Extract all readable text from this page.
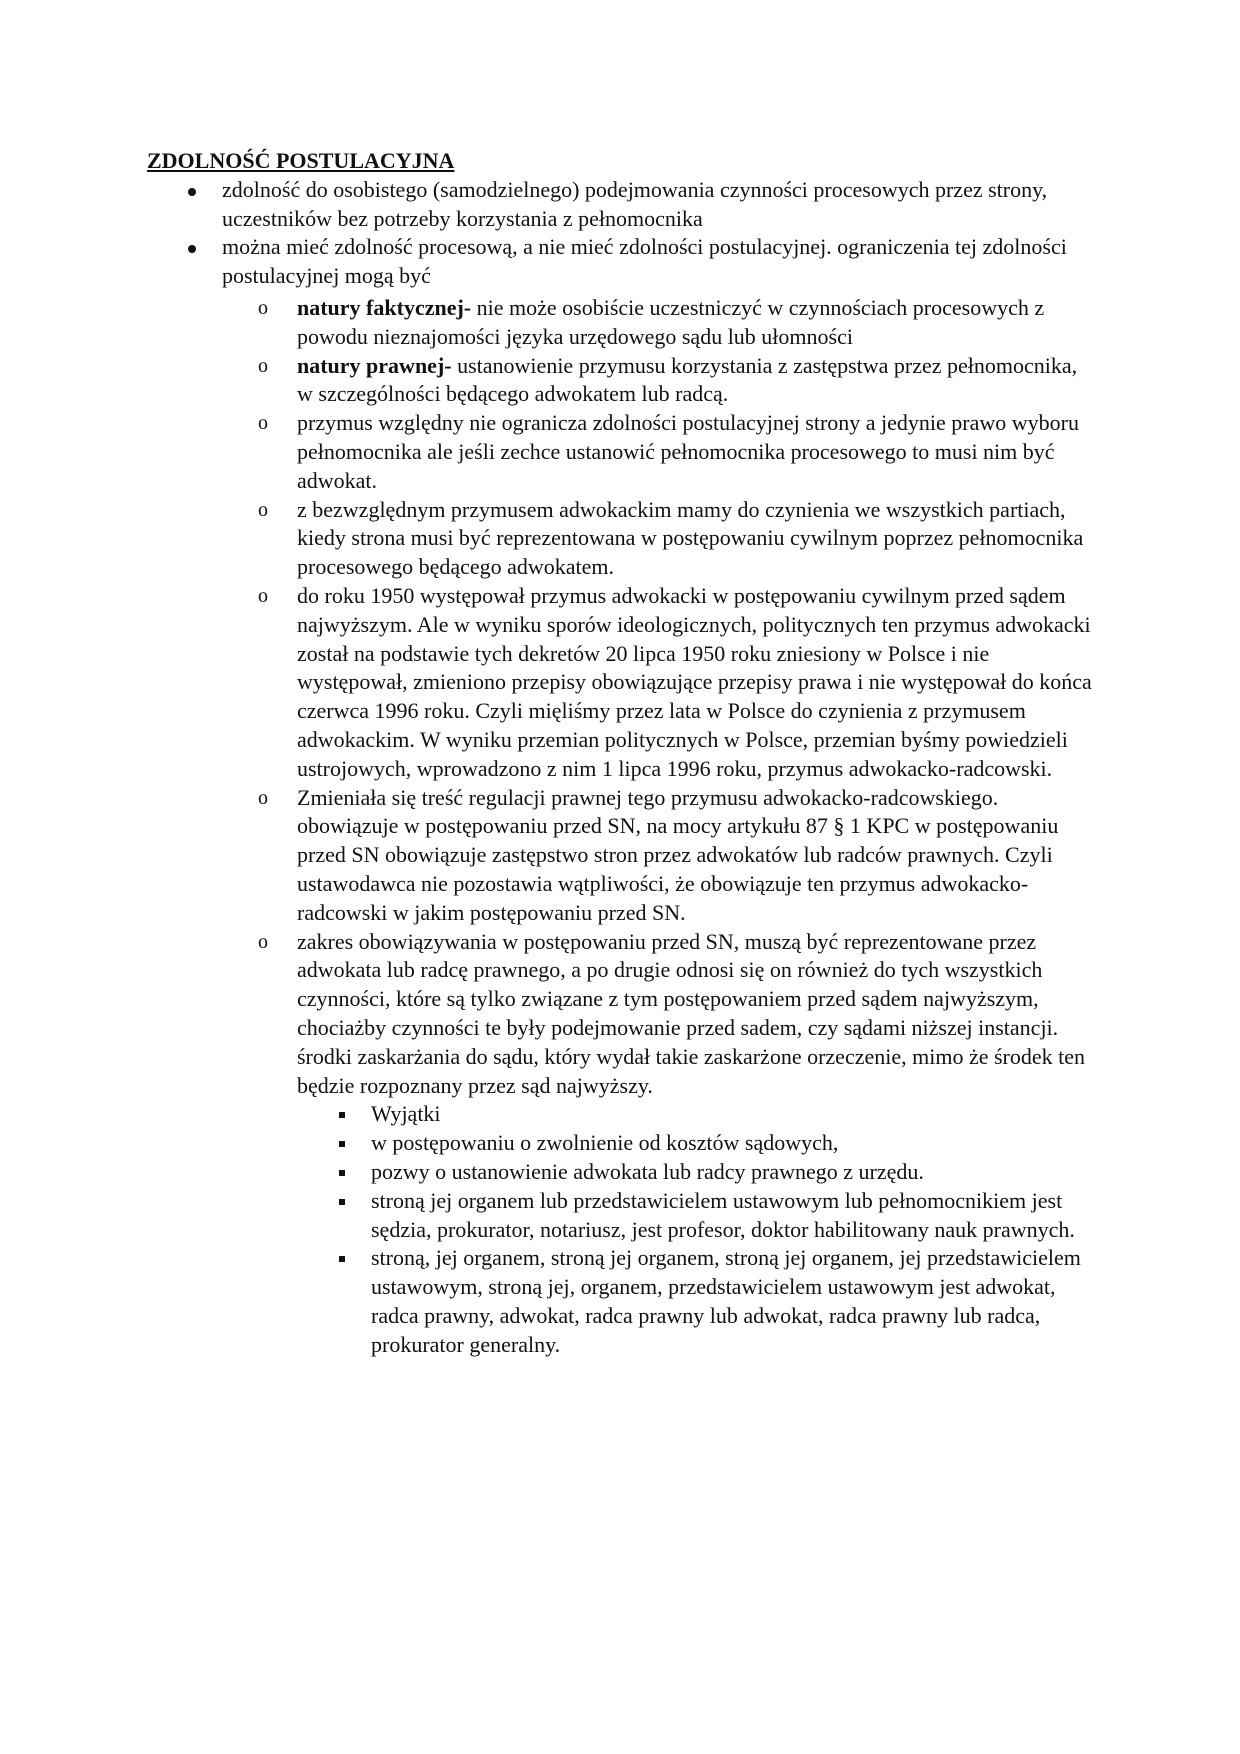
ZDOLNOŚĆ POSTULACYJNA
zdolność do osobistego (samodzielnego) podejmowania czynności procesowych przez strony, uczestników bez potrzeby korzystania z pełnomocnika
można mieć zdolność procesową, a nie mieć zdolności postulacyjnej. ograniczenia tej zdolności postulacyjnej mogą być
o natury faktycznej- nie może osobiście uczestniczyć w czynnościach procesowych z powodu nieznajomości języka urzędowego sądu lub ułomności
o natury prawnej- ustanowienie przymusu korzystania z zastępstwa przez pełnomocnika, w szczególności będącego adwokatem lub radcą.
o przymus względny nie ogranicza zdolności postulacyjnej strony a jedynie prawo wyboru pełnomocnika ale jeśli zechce ustanowić pełnomocnika procesowego to musi nim być adwokat.
o z bezwzględnym przymusem adwokackim mamy do czynienia we wszystkich partiach, kiedy strona musi być reprezentowana w postępowaniu cywilnym poprzez pełnomocnika procesowego będącego adwokatem.
o do roku 1950 występował przymus adwokacki w postępowaniu cywilnym przed sądem najwyższym. Ale w wyniku sporów ideologicznych, politycznych ten przymus adwokacki został na podstawie tych dekretów 20 lipca 1950 roku zniesiony w Polsce i nie występował, zmieniono przepisy obowiązujące przepisy prawa i nie występował do końca czerwca 1996 roku. Czyli mięliśmy przez lata w Polsce do czynienia z przymusem adwokackim. W wyniku przemian politycznych w Polsce, przemian byśmy powiedzieli ustrojowych, wprowadzono z nim 1 lipca 1996 roku, przymus adwokacko-radcowski.
o Zmieniała się treść regulacji prawnej tego przymusu adwokacko-radcowskiego. obowiązuje w postępowaniu przed SN, na mocy artykułu 87 § 1 KPC w postępowaniu przed SN obowiązuje zastępstwo stron przez adwokatów lub radców prawnych. Czyli ustawodawca nie pozostawia wątpliwości, że obowiązuje ten przymus adwokacko-radcowski w jakim postępowaniu przed SN.
o zakres obowiązywania w postępowaniu przed SN, muszą być reprezentowane przez adwokata lub radcę prawnego, a po drugie odnosi się on również do tych wszystkich czynności, które są tylko związane z tym postępowaniem przed sądem najwyższym, chociażby czynności te były podejmowanie przed sadem, czy sądami niższej instancji. środki zaskarżania do sądu, który wydał takie zaskarżone orzeczenie, mimo że środek ten będzie rozpoznany przez sąd najwyższy.
Wyjątki
w postępowaniu o zwolnienie od kosztów sądowych,
pozwy o ustanowienie adwokata lub radcy prawnego z urzędu.
stroną jej organem lub przedstawicielem ustawowym lub pełnomocnikiem jest sędzia, prokurator, notariusz, jest profesor, doktor habilitowany nauk prawnych.
stroną, jej organem, stroną jej organem, stroną jej organem, jej przedstawicielem ustawowym, stroną jej, organem, przedstawicielem ustawowym jest adwokat, radca prawny, adwokat, radca prawny lub adwokat, radca prawny lub radca, prokurator generalny.
